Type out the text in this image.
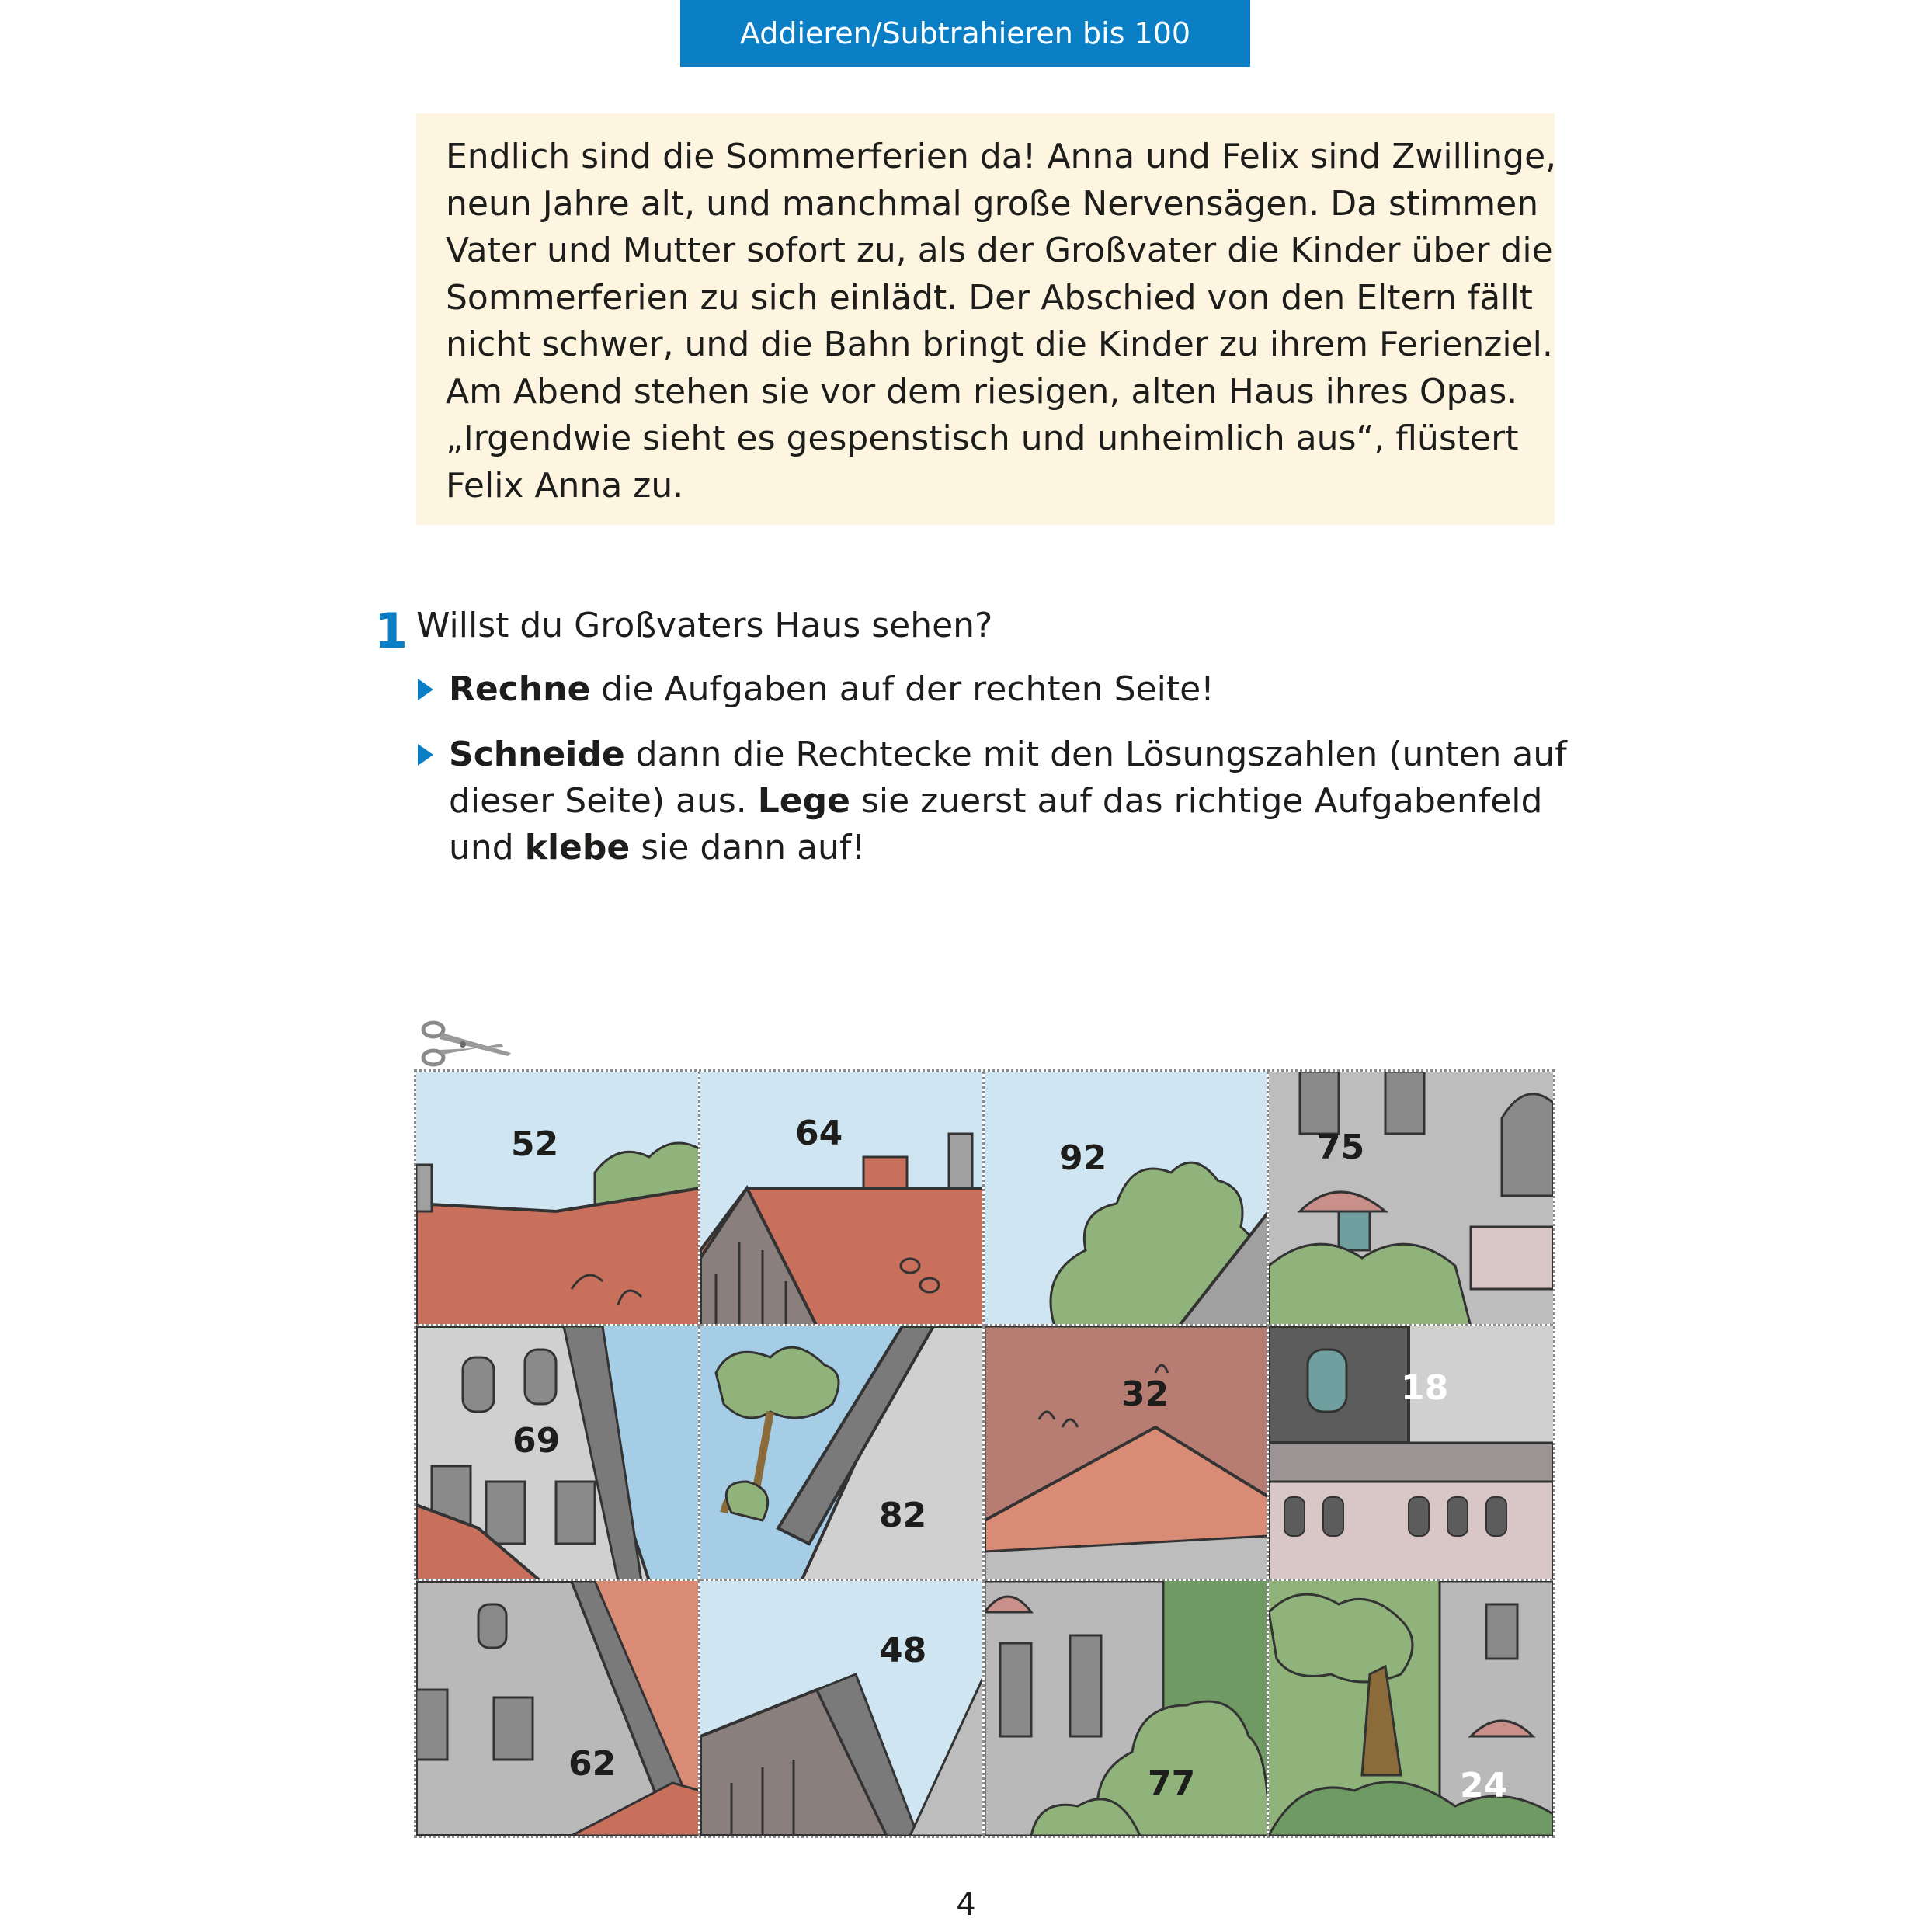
Addieren/Subtrahieren bis 100
Endlich sind die Sommerferien da! Anna und Felix sind Zwillinge,
neun Jahre alt, und manchmal große Nervensägen. Da stimmen
Vater und Mutter sofort zu, als der Großvater die Kinder über die
Sommerferien zu sich einlädt. Der Abschied von den Eltern fällt
nicht schwer, und die Bahn bringt die Kinder zu ihrem Ferienziel.
Am Abend stehen sie vor dem riesigen, alten Haus ihres Opas.
„Irgendwie sieht es gespenstisch und unheimlich aus“, flüstert
Felix Anna zu.
1 Willst du Großvaters Haus sehen?
Rechne die Aufgaben auf der rechten Seite!
Schneide dann die Rechtecke mit den Lösungszahlen (unten auf
dieser Seite) aus. Lege sie zuerst auf das richtige Aufgabenfeld
und klebe sie dann auf!
52	64
92	75
69
82
32	18
62
48
77	24
4
